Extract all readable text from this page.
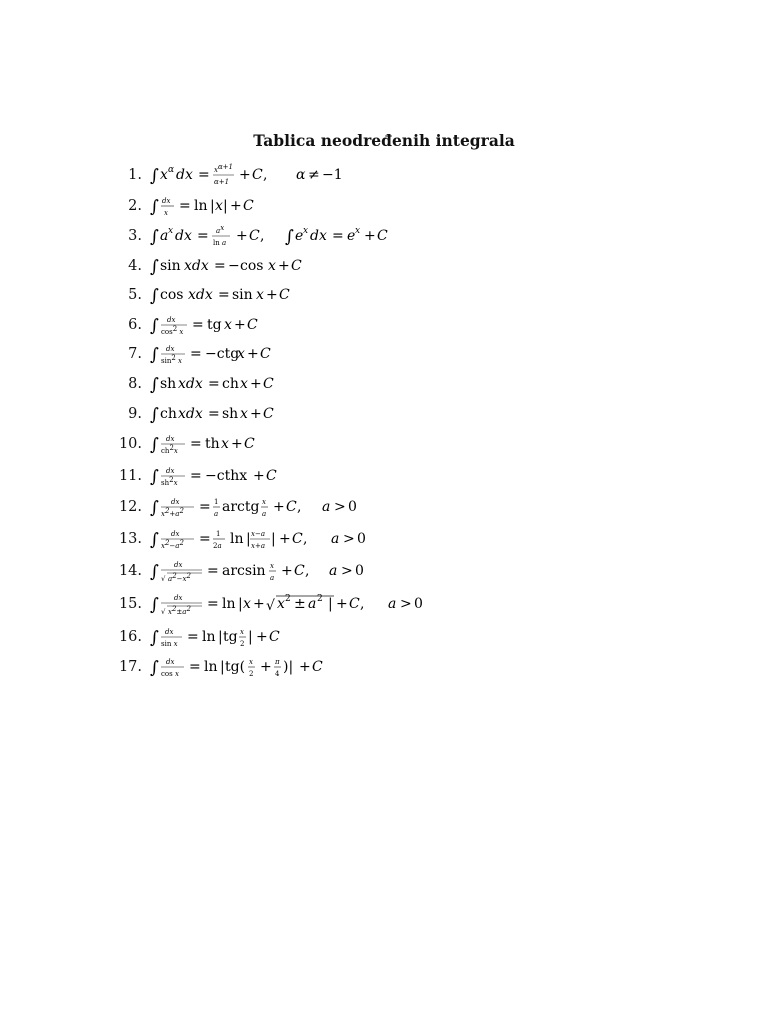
Tablica neodređenih integrala
1. ∫ x α dx = xα+1
α+1 + C , α ≠ −1
2. ∫ dx
x = ln | x | + C
3. ∫ a x dx = ax
ln a + C , ∫ e x dx = e x + C
4. ∫ sin xdx = − cos x + C
5. ∫ cos xdx = sin x + C
6. ∫ dx
cos2 x = tg x + C
7. ∫ dx
sin2 x = −ctg
x + C
8. ∫ sh xdx = ch x + C
9. ∫ ch xdx = sh x + C
10. ∫ dx
ch2x = th x + C
11. ∫ dx
sh2x = −cthx + C
12. ∫ dx
x2+a2 = 1
a arctg x
a + C , a > 0
13. ∫ dx
x2−a2 = 1
2a ln | x−a
x+a | + C , a > 0
14. ∫ dx
√ a2−x2 = arcsin x
a + C , a > 0
15. ∫ dx
√ x2±a2 = ln | x + √ x 2 ± a 2 | + C , a > 0
16. ∫ dx
sin x = ln | tg x
2 | + C
17. ∫ dx
cos x = ln | tg( x
2 + π
4 )| + C
